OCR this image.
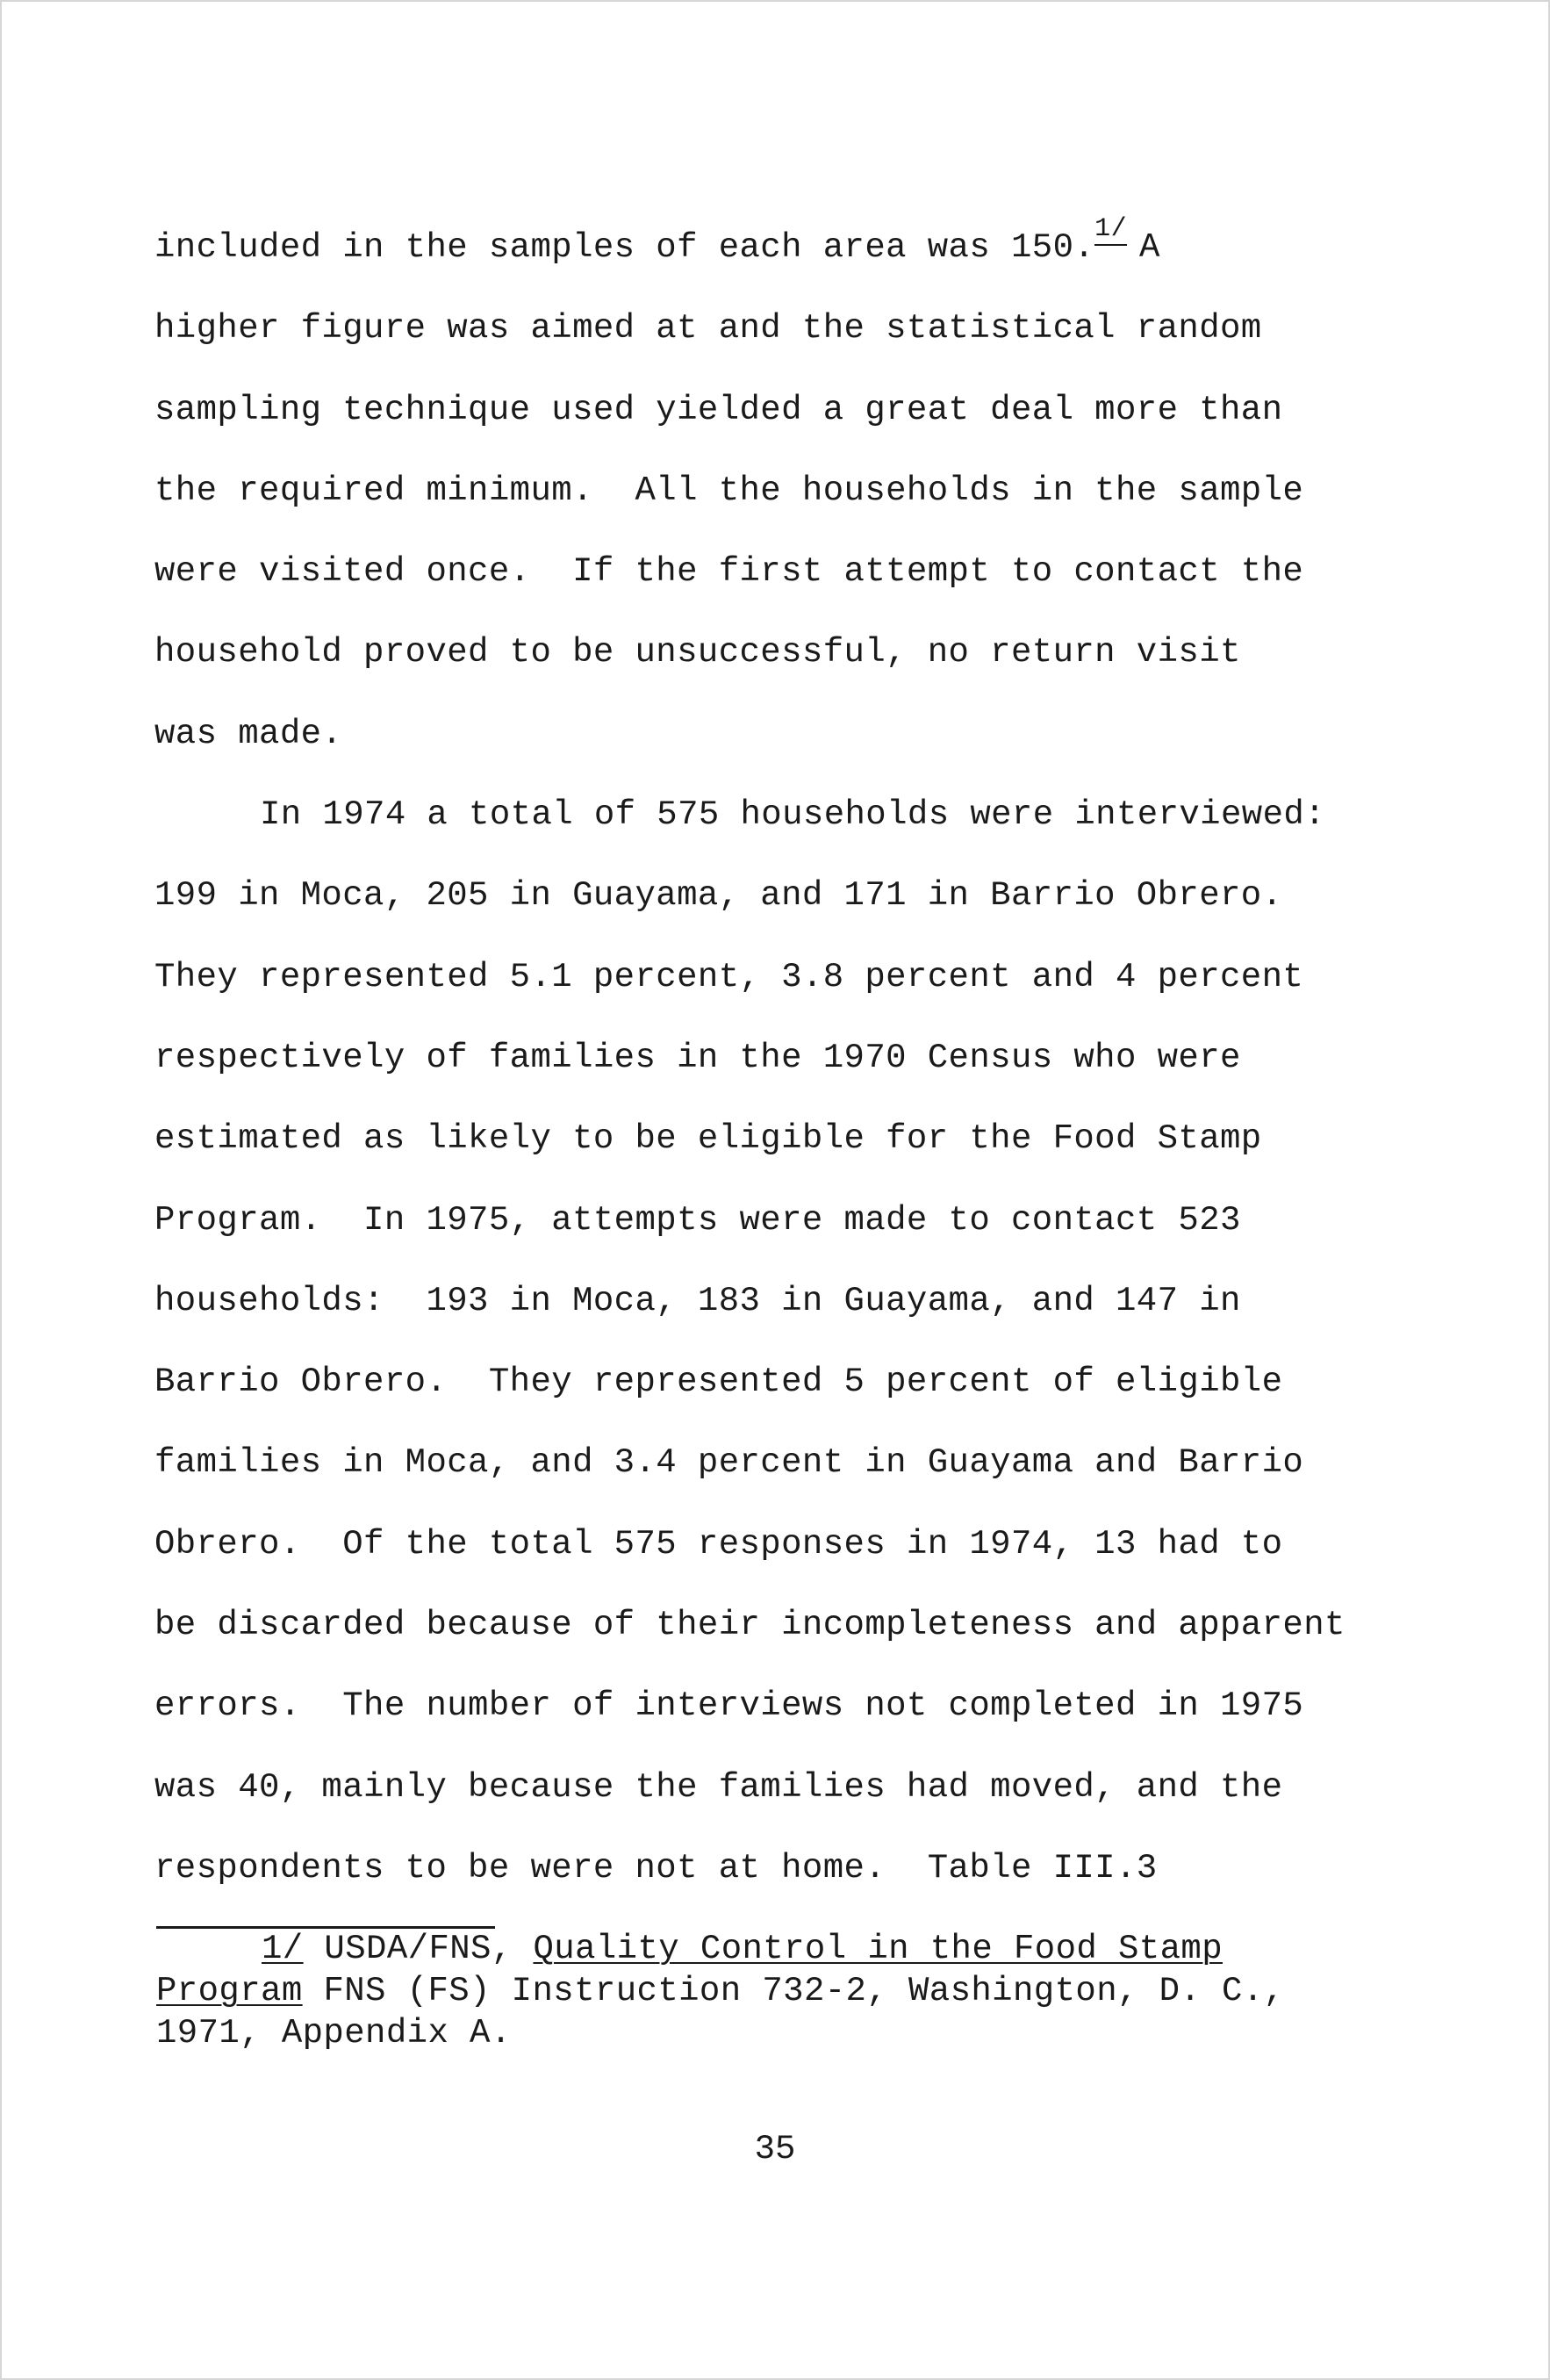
included in the samples of each area was 150.1/ A
higher figure was aimed at and the statistical random
sampling technique used yielded a great deal more than
the required minimum.  All the households in the sample
were visited once.  If the first attempt to contact the
household proved to be unsuccessful, no return visit
was made.
In 1974 a total of 575 households were interviewed:
199 in Moca, 205 in Guayama, and 171 in Barrio Obrero.
They represented 5.1 percent, 3.8 percent and 4 percent
respectively of families in the 1970 Census who were
estimated as likely to be eligible for the Food Stamp
Program.  In 1975, attempts were made to contact 523
households:  193 in Moca, 183 in Guayama, and 147 in
Barrio Obrero.  They represented 5 percent of eligible
families in Moca, and 3.4 percent in Guayama and Barrio
Obrero.  Of the total 575 responses in 1974, 13 had to
be discarded because of their incompleteness and apparent
errors.  The number of interviews not completed in 1975
was 40, mainly because the families had moved, and the
respondents to be were not at home.  Table III.3
1/ USDA/FNS, Quality Control in the Food Stamp
Program FNS (FS) Instruction 732-2, Washington, D. C.,
1971, Appendix A.
35
